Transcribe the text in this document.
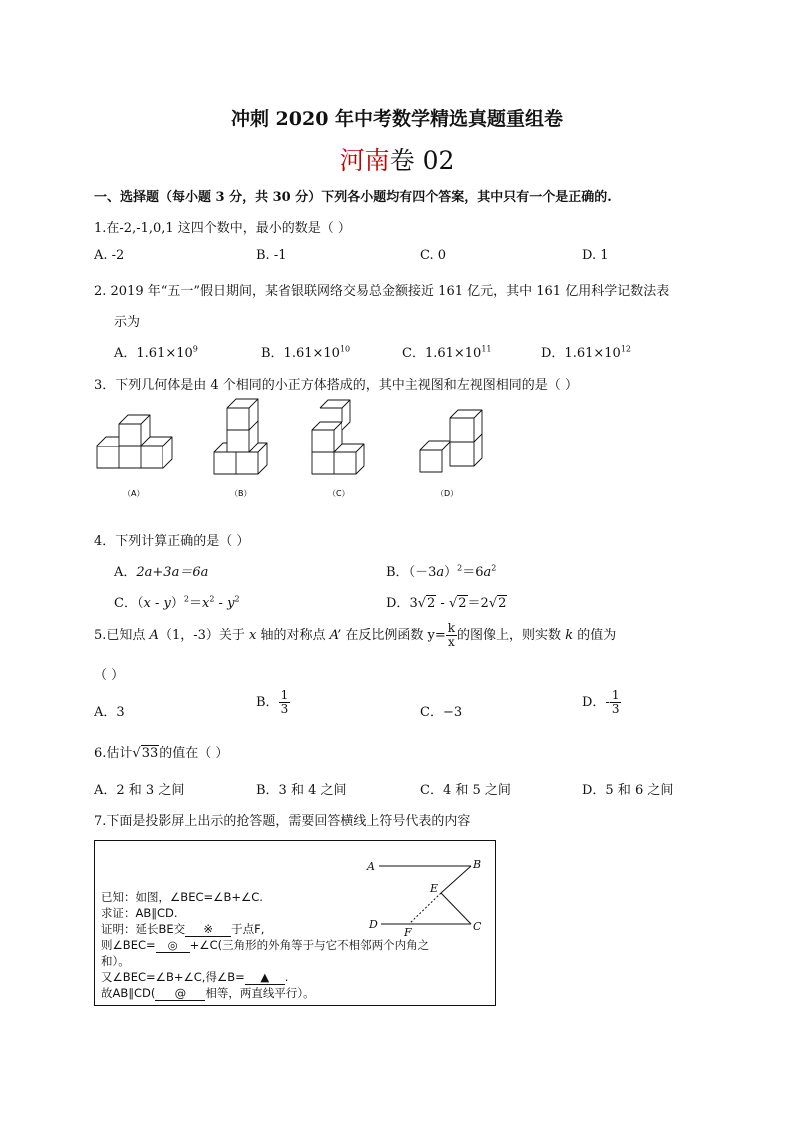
冲刺 2020 年中考数学精选真题重组卷
河南卷 02
一、选择题（每小题 3 分，共 30 分）下列各小题均有四个答案，其中只有一个是正确的.
1.在-2,-1,0,1 这四个数中，最小的数是（ ）
A. -2	B. -1	C. 0	D. 1
2. 2019 年“五一”假日期间，某省银联网络交易总金额接近 161 亿元，其中 161 亿用科学记数法表
示为
A．$1.61\times 10^9$	B．$1.61\times 10^{10}$	C．$1.61\times 10^{11}$	D．$1.61\times 10^{12}$
3．下列几何体是由 4 个相同的小正方体搭成的，其中主视图和左视图相同的是（ ）
（A）	（B）	（C）	（D）
4．下列计算正确的是（ ）
A．2a+3a＝6a	B．$(-3a)^2=6a^2$
C．$(x - y)^2=x^2 - y^2$	D．3√2 - √2＝2√2
5.已知点 A（1，-3）关于 x 轴的对称点 A’ 在反比例函数 $y= \frac{k}{x}$ 的图像上，则实数 k 的值为
（ ）
A．3
B． $\frac{1}{3}$	C．−3
D．- $\frac{1}{3}$
6.估计√33的值在（ ）
A．2 和 3 之间	B．3 和 4 之间	C．4 和 5 之间	D．5 和 6 之间
7.下面是投影屏上出示的抢答题，需要回答横线上符号代表的内容
已知：如图，∠BEC=∠B+∠C.
求证：AB∥CD.
证明：延长BE交 ※ 于点F,
则∠BEC= ◎ +∠C(三角形的外角等于与它不相邻两个内角之
和）。
又∠BEC=∠B+∠C,得∠B= ▲ .
故AB∥CD( @ 相等，两直线平行）。
A	B
E
D
F	C
